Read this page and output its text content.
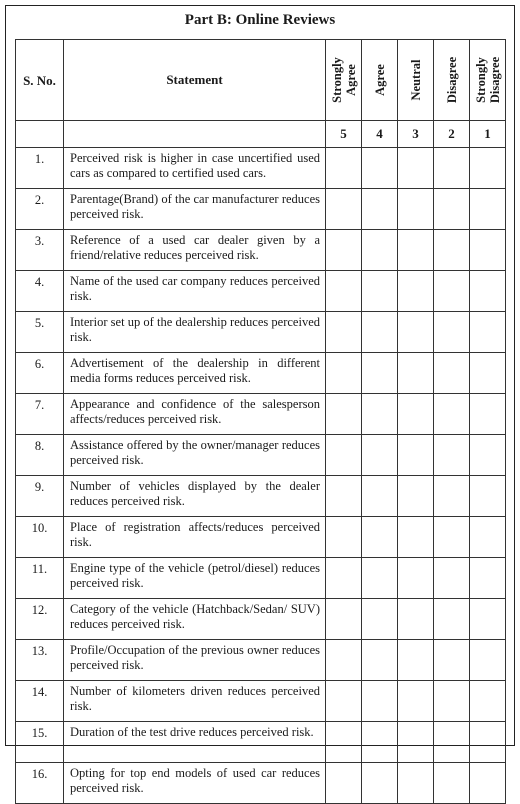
Part B: Online Reviews
S. No.	Statement	Strongly Agree	Agree	Neutral	Disagree	Strongly Disagree

		5	4	3	2	1
1.	Perceived risk is higher in case uncertified used cars as compared to certified used cars.					
2.	Parentage(Brand) of the car manufacturer reduces perceived risk.					
3.	Reference of a used car dealer given by a friend/relative reduces perceived risk.					
4.	Name of the used car company reduces perceived risk.					
5.	Interior set up of the dealership reduces perceived risk.					
6.	Advertisement of the dealership in different media forms reduces perceived risk.					
7.	Appearance and confidence of the salesperson affects/reduces perceived risk.					
8.	Assistance offered by the owner/manager reduces perceived risk.					
9.	Number of vehicles displayed by the dealer reduces perceived risk.					
10.	Place of registration affects/reduces perceived risk.					
11.	Engine type of the vehicle (petrol/diesel) reduces perceived risk.					
12.	Category of the vehicle (Hatchback/Sedan/ SUV) reduces perceived risk.					
13.	Profile/Occupation of the previous owner reduces perceived risk.					
14.	Number of kilometers driven reduces perceived risk.					
15.	Duration of the test drive reduces perceived risk.					
16.	Opting for top end models of used car reduces perceived risk.					
